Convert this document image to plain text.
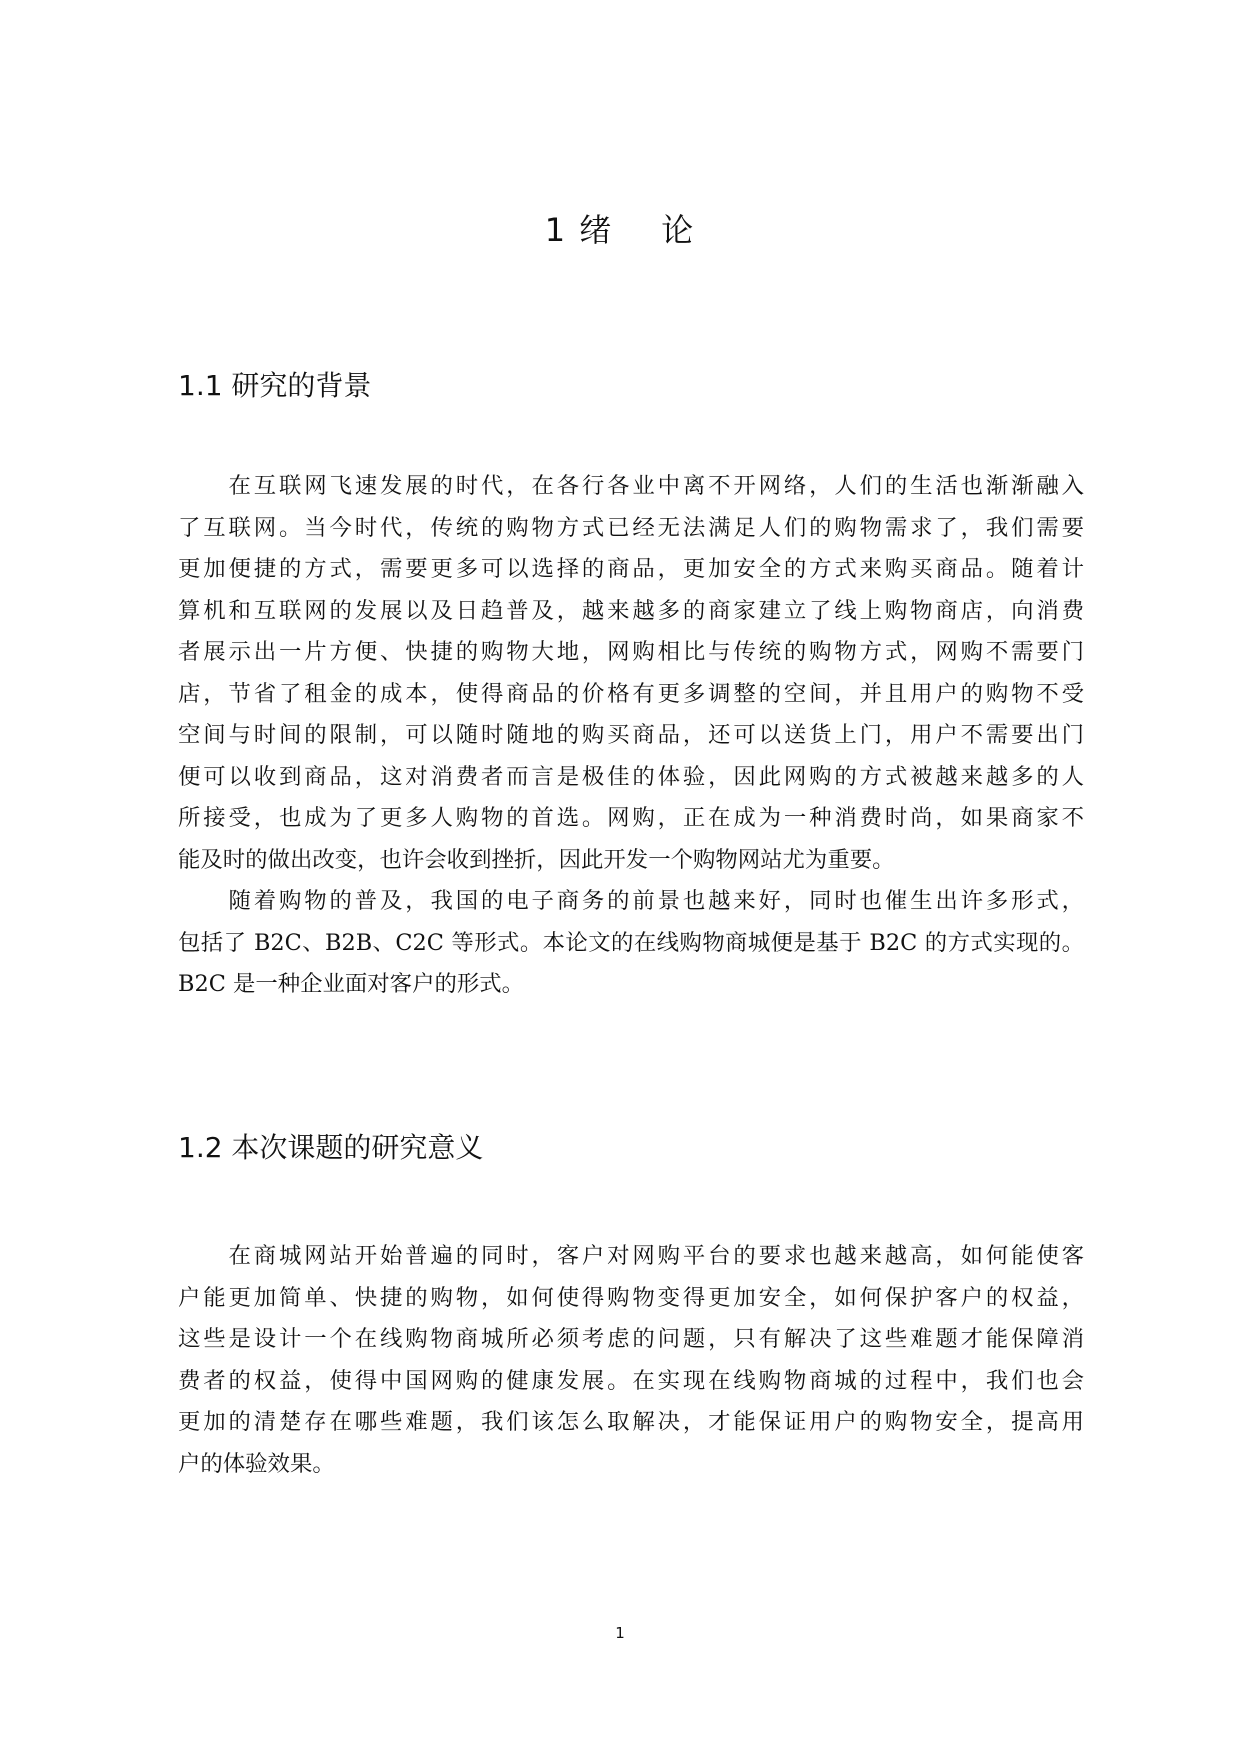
1 绪 论
1.1 研究的背景
　　在互联网飞速发展的时代，在各行各业中离不开网络，人们的生活也渐渐融入
了互联网。当今时代，传统的购物方式已经无法满足人们的购物需求了，我们需要
更加便捷的方式，需要更多可以选择的商品，更加安全的方式来购买商品。随着计
算机和互联网的发展以及日趋普及，越来越多的商家建立了线上购物商店，向消费
者展示出一片方便、快捷的购物大地，网购相比与传统的购物方式，网购不需要门
店，节省了租金的成本，使得商品的价格有更多调整的空间，并且用户的购物不受
空间与时间的限制，可以随时随地的购买商品，还可以送货上门，用户不需要出门
便可以收到商品，这对消费者而言是极佳的体验，因此网购的方式被越来越多的人
所接受，也成为了更多人购物的首选。网购，正在成为一种消费时尚，如果商家不
能及时的做出改变，也许会收到挫折，因此开发一个购物网站尤为重要。
　　随着购物的普及，我国的电子商务的前景也越来好，同时也催生出许多形式，
包括了 B2C、B2B、C2C 等形式。本论文的在线购物商城便是基于 B2C 的方式实现的。
B2C 是一种企业面对客户的形式。
1.2 本次课题的研究意义
　　在商城网站开始普遍的同时，客户对网购平台的要求也越来越高，如何能使客
户能更加简单、快捷的购物，如何使得购物变得更加安全，如何保护客户的权益，
这些是设计一个在线购物商城所必须考虑的问题，只有解决了这些难题才能保障消
费者的权益，使得中国网购的健康发展。在实现在线购物商城的过程中，我们也会
更加的清楚存在哪些难题，我们该怎么取解决，才能保证用户的购物安全，提高用
户的体验效果。
1
